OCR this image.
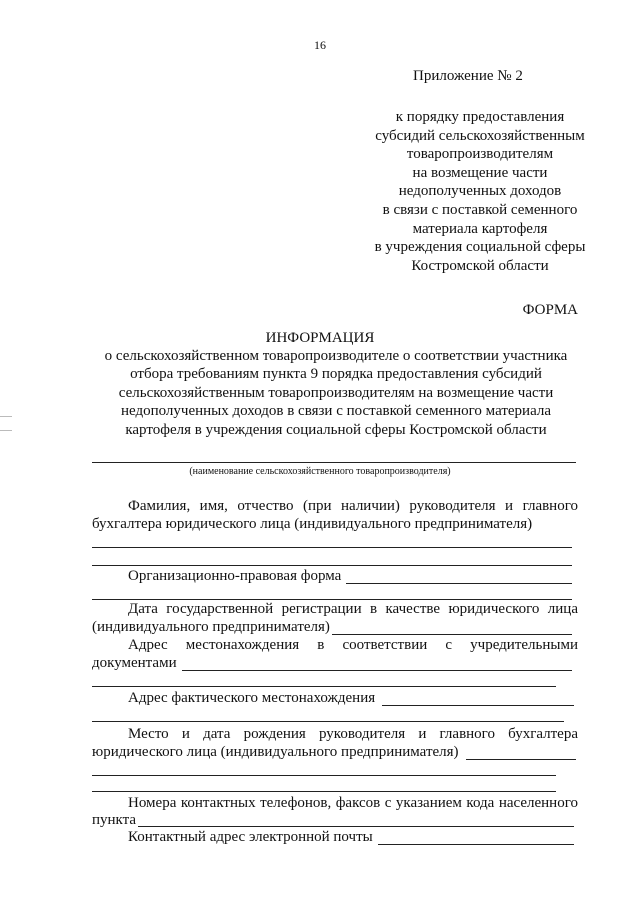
16
Приложение № 2
к порядку предоставления
субсидий сельскохозяйственным
товаропроизводителям
на возмещение части
недополученных доходов
в связи с поставкой семенного
материала картофеля
в учреждения социальной сферы
Костромской области
ФОРМА
ИНФОРМАЦИЯ
о сельскохозяйственном товаропроизводителе о соответствии участника
отбора требованиям пункта 9 порядка предоставления субсидий
сельскохозяйственным товаропроизводителям на возмещение части
недополученных доходов в связи с поставкой семенного материала
картофеля в учреждения социальной сферы Костромской области
(наименование сельскохозяйственного товаропроизводителя)
Фамилия, имя, отчество (при наличии) руководителя и главного
бухгалтера юридического лица (индивидуального предпринимателя)
Организационно-правовая форма
Дата государственной регистрации в качестве юридического лица
(индивидуального предпринимателя)
Адрес местонахождения в соответствии с учредительными
документами
Адрес фактического местонахождения
Место и дата рождения руководителя и главного бухгалтера
юридического лица (индивидуального предпринимателя)
Номера контактных телефонов, факсов с указанием кода населенного
пункта
Контактный адрес электронной почты
